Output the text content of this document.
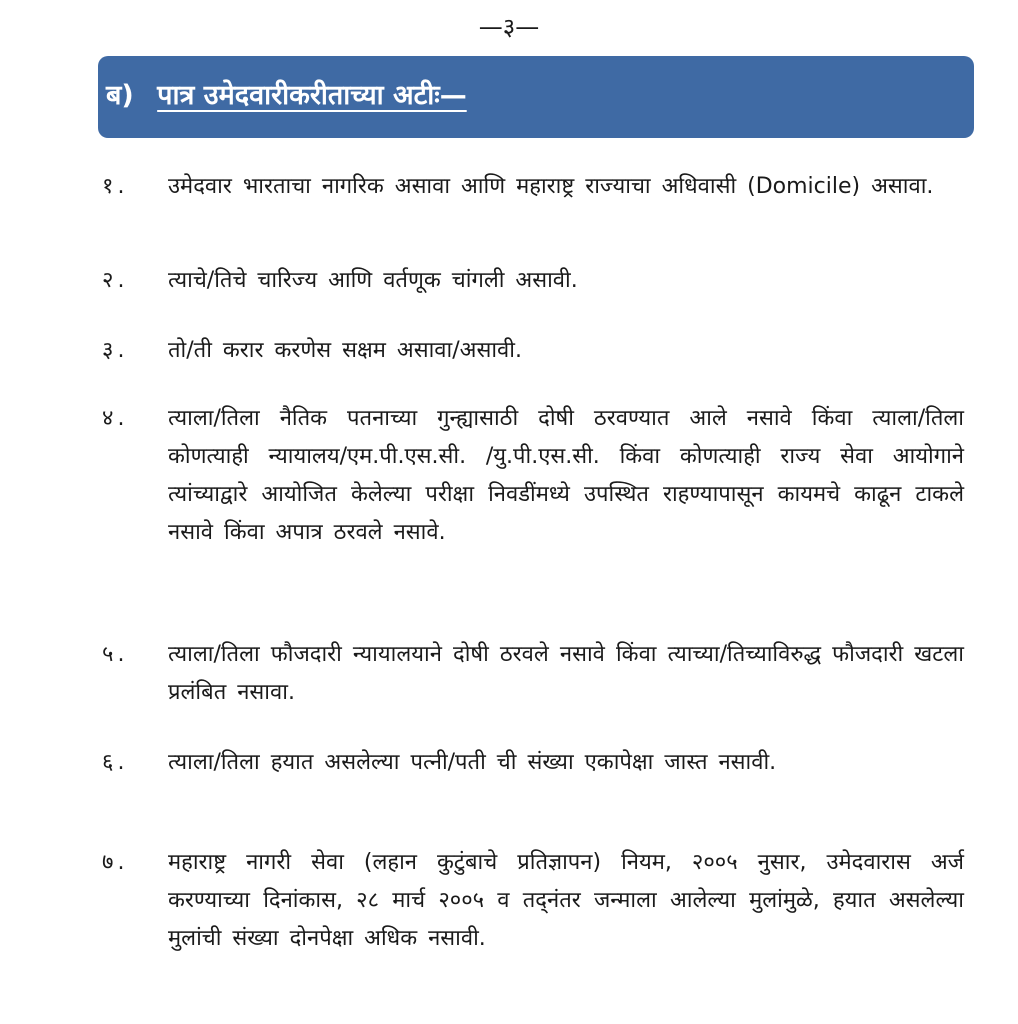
—३—
ब) पात्र उमेदवारीकरीताच्या अटीः—
१.	उमेदवार भारताचा नागरिक असावा आणि महाराष्ट्र राज्याचा अधिवासी (Domicile) असावा.
२.	त्याचे/तिचे चारिज्य आणि वर्तणूक चांगली असावी.
३.	तो/ती करार करणेस सक्षम असावा/असावी.
४.	त्याला/तिला नैतिक पतनाच्या गुन्ह्यासाठी दोषी ठरवण्यात आले नसावे किंवा त्याला/तिला कोणत्याही न्यायालय/एम.पी.एस.सी. /यु.पी.एस.सी. किंवा कोणत्याही राज्य सेवा आयोगाने त्यांच्याद्वारे आयोजित केलेल्या परीक्षा निवडींमध्ये उपस्थित राहण्यापासून कायमचे काढून टाकले नसावे किंवा अपात्र ठरवले नसावे.
५.	त्याला/तिला फौजदारी न्यायालयाने दोषी ठरवले नसावे किंवा त्याच्या/तिच्याविरुद्ध फौजदारी खटला प्रलंबित नसावा.
६.	त्याला/तिला हयात असलेल्या पत्नी/पती ची संख्या एकापेक्षा जास्त नसावी.
७.	महाराष्ट्र नागरी सेवा (लहान कुटुंबाचे प्रतिज्ञापन) नियम, २००५ नुसार, उमेदवारास अर्ज करण्याच्या दिनांकास, २८ मार्च २००५ व तद्नंतर जन्माला आलेल्या मुलांमुळे, हयात असलेल्या मुलांची संख्या दोनपेक्षा अधिक नसावी.
